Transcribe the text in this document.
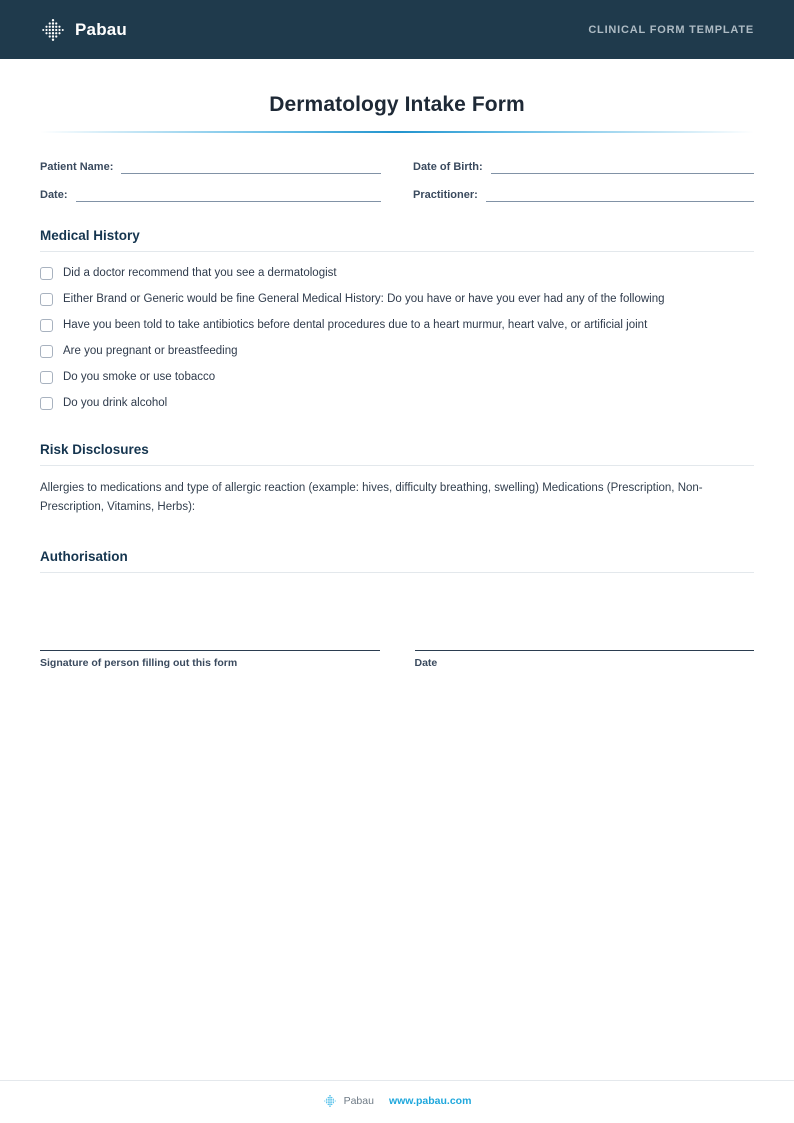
Pabau	CLINICAL FORM TEMPLATE
Dermatology Intake Form
Patient Name:	Date of Birth:
Date:	Practitioner:
Medical History
Did a doctor recommend that you see a dermatologist
Either Brand or Generic would be fine General Medical History: Do you have or have you ever had any of the following
Have you been told to take antibiotics before dental procedures due to a heart murmur, heart valve, or artificial joint
Are you pregnant or breastfeeding
Do you smoke or use tobacco
Do you drink alcohol
Risk Disclosures

Allergies to medications and type of allergic reaction (example: hives, difficulty breathing, swelling) Medications (Prescription, Non-Prescription, Vitamins, Herbs):

Authorisation
Signature of person filling out this form	Date
Pabau www.pabau.com
